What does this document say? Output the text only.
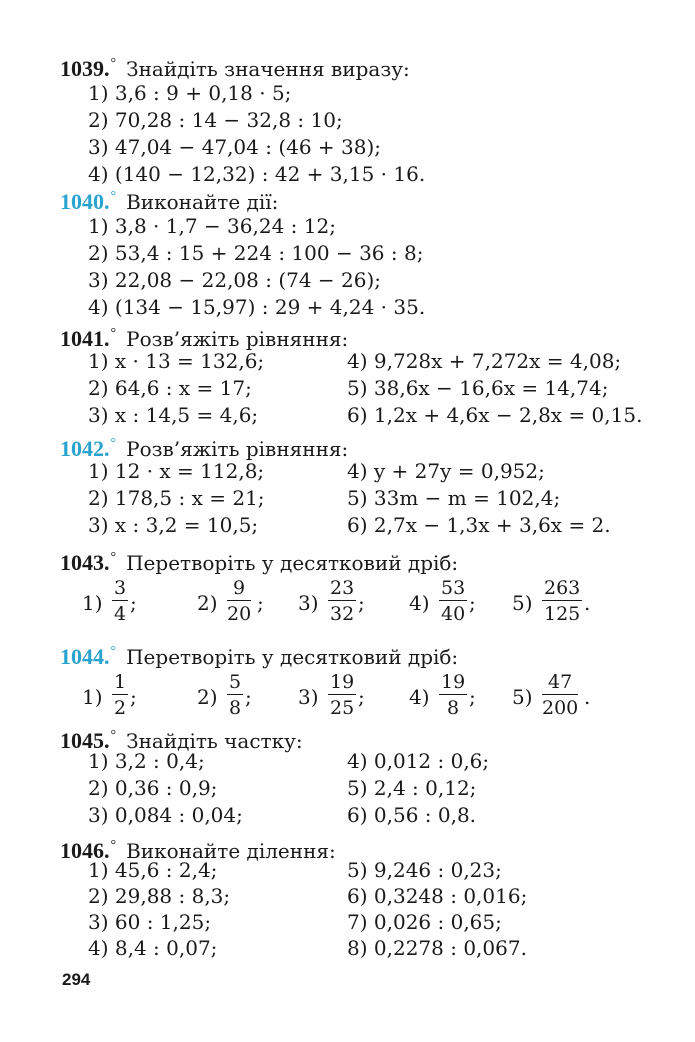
1039.° Знайдіть значення виразу:
1) 3,6 : 9 + 0,18 · 5;
2) 70,28 : 14 − 32,8 : 10;
3) 47,04 − 47,04 : (46 + 38);
4) (140 − 12,32) : 42 + 3,15 · 16.
1040.° Виконайте дії:
1) 3,8 · 1,7 − 36,24 : 12;
2) 53,4 : 15 + 224 : 100 − 36 : 8;
3) 22,08 − 22,08 : (74 − 26);
4) (134 − 15,97) : 29 + 4,24 · 35.
1041.° Розв’яжіть рівняння:
1) x · 13 = 132,6;
2) 64,6 : x = 17;
3) x : 14,5 = 4,6;
4) 9,728x + 7,272x = 4,08;
5) 38,6x − 16,6x = 14,74;
6) 1,2x + 4,6x − 2,8x = 0,15.
1042.° Розв’яжіть рівняння:
1) 12 · x = 112,8;
2) 178,5 : x = 21;
3) x : 3,2 = 10,5;
4) y + 27y = 0,952;
5) 33m − m = 102,4;
6) 2,7x − 1,3x + 3,6x = 2.
1043.° Перетворіть у десятковий дріб:
$1) \frac{3}{4}$ ;	$2) \frac{9}{20}$ ; $3) \frac{23}{32}$ ; $4) \frac{53}{40}$ ; $5) \frac{263}{125}$ .
1044.° Перетворіть у десятковий дріб:
$1) \frac{1}{2}$ ;	$2) \frac{5}{8}$ ; $3) \frac{19}{25}$ ; $4) \frac{19}{8}$ ; $5) \frac{47}{200}$ .
1045.° Знайдіть частку:
1) 3,2 : 0,4;
2) 0,36 : 0,9;
3) 0,084 : 0,04;
4) 0,012 : 0,6;
5) 2,4 : 0,12;
6) 0,56 : 0,8.
1046.° Виконайте ділення:
1) 45,6 : 2,4;
2) 29,88 : 8,3;
3) 60 : 1,25;
4) 8,4 : 0,07;
5) 9,246 : 0,23;
6) 0,3248 : 0,016;
7) 0,026 : 0,65;
8) 0,2278 : 0,067.
294
